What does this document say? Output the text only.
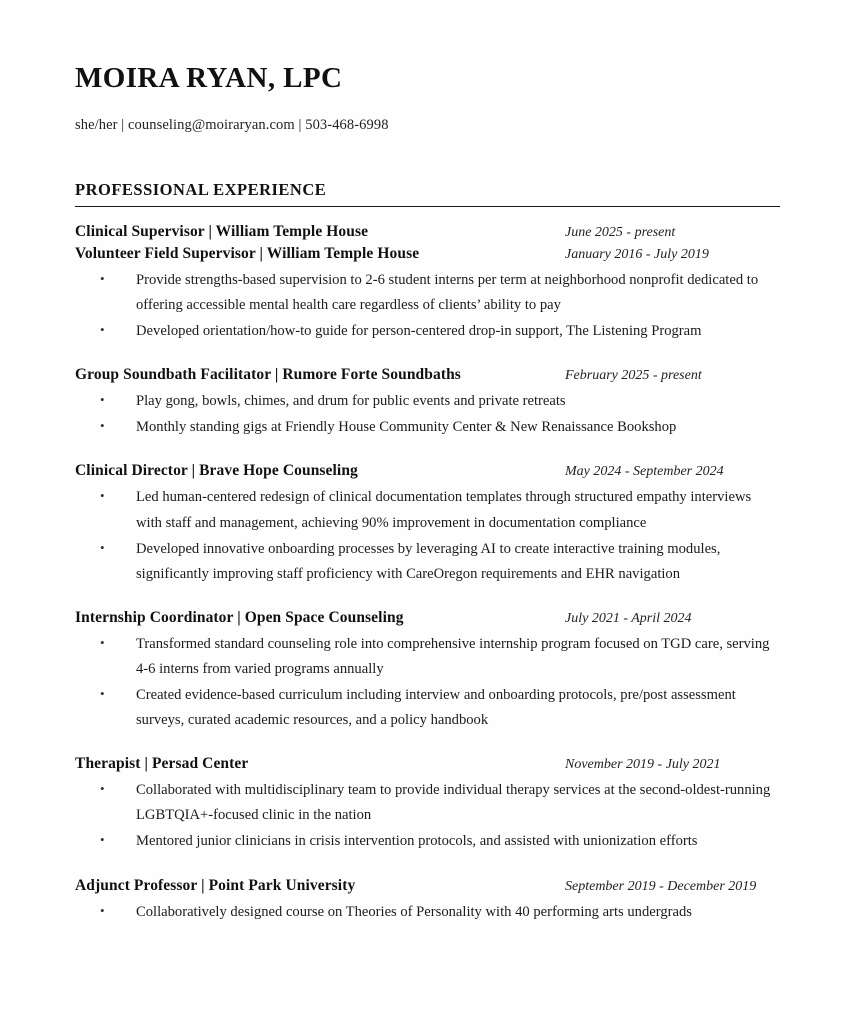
MOIRA RYAN, LPC
she/her | counseling@moiraryan.com | 503-468-6998
PROFESSIONAL EXPERIENCE
Clinical Supervisor | William Temple House	June 2025 - present
Volunteer Field Supervisor | William Temple House	January 2016 - July 2019
• Provide strengths-based supervision to 2-6 student interns per term at neighborhood nonprofit dedicated to offering accessible mental health care regardless of clients’ ability to pay
• Developed orientation/how-to guide for person-centered drop-in support, The Listening Program
Group Soundbath Facilitator | Rumore Forte Soundbaths	February 2025 - present
• Play gong, bowls, chimes, and drum for public events and private retreats
• Monthly standing gigs at Friendly House Community Center & New Renaissance Bookshop
Clinical Director | Brave Hope Counseling	May 2024 - September 2024
• Led human-centered redesign of clinical documentation templates through structured empathy interviews with staff and management, achieving 90% improvement in documentation compliance
• Developed innovative onboarding processes by leveraging AI to create interactive training modules, significantly improving staff proficiency with CareOregon requirements and EHR navigation
Internship Coordinator | Open Space Counseling	July 2021 - April 2024
• Transformed standard counseling role into comprehensive internship program focused on TGD care, serving 4-6 interns from varied programs annually
• Created evidence-based curriculum including interview and onboarding protocols, pre/post assessment surveys, curated academic resources, and a policy handbook
Therapist | Persad Center	November 2019 - July 2021
• Collaborated with multidisciplinary team to provide individual therapy services at the second-oldest-running LGBTQIA+-focused clinic in the nation
• Mentored junior clinicians in crisis intervention protocols, and assisted with unionization efforts
Adjunct Professor | Point Park University	September 2019 - December 2019
• Collaboratively designed course on Theories of Personality with 40 performing arts undergrads
